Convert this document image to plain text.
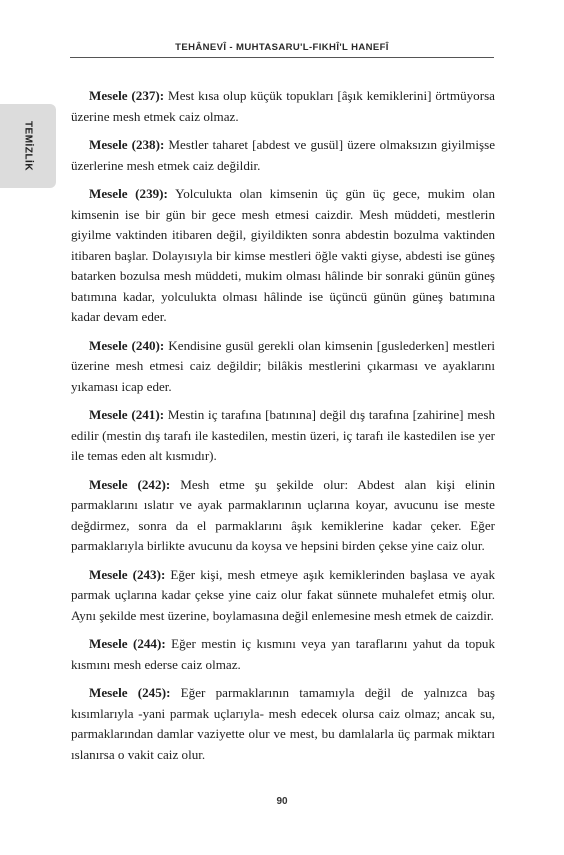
TEHÂNEVÎ - MUHTASARU'L-FIKHÎ'L HANEFÎ
TEMİZLİK

Mesele (237): Mest kısa olup küçük topukları [âşık kemiklerini] örtmüyorsa üzerine mesh etmek caiz olmaz.

Mesele (238): Mestler taharet [abdest ve gusül] üzere olmaksızın giyilmişse üzerlerine mesh etmek caiz değildir.

Mesele (239): Yolculukta olan kimsenin üç gün üç gece, mukim olan kimsenin ise bir gün bir gece mesh etmesi caizdir. Mesh müddeti, mestlerin giyilme vaktinden itibaren değil, giyildikten sonra abdestin bozulma vaktinden itibaren başlar. Dolayısıyla bir kimse mestleri öğle vakti giyse, abdesti ise güneş batarken bozulsa mesh müddeti, mukim olması hâlinde bir sonraki günün güneş batımına kadar, yolculukta olması hâlinde ise üçüncü günün güneş batımına kadar devam eder.

Mesele (240): Kendisine gusül gerekli olan kimsenin [guslederken] mestleri üzerine mesh etmesi caiz değildir; bilâkis mestlerini çıkarması ve ayaklarını yıkaması icap eder.

Mesele (241): Mestin iç tarafına [batınına] değil dış tarafına [zahirine] mesh edilir (mestin dış tarafı ile kastedilen, mestin üzeri, iç tarafı ile kastedilen ise yer ile temas eden alt kısmıdır).

Mesele (242): Mesh etme şu şekilde olur: Abdest alan kişi elinin parmaklarını ıslatır ve ayak parmaklarının uçlarına koyar, avucunu ise meste değdirmez, sonra da el parmaklarını âşık kemiklerine kadar çeker. Eğer parmaklarıyla birlikte avucunu da koysa ve hepsini birden çekse yine caiz olur.

Mesele (243): Eğer kişi, mesh etmeye aşık kemiklerinden başlasa ve ayak parmak uçlarına kadar çekse yine caiz olur fakat sünnete muhalefet etmiş olur. Aynı şekilde mest üzerine, boylamasına değil enlemesine mesh etmek de caizdir.

Mesele (244): Eğer mestin iç kısmını veya yan taraflarını yahut da topuk kısmını mesh ederse caiz olmaz.

Mesele (245): Eğer parmaklarının tamamıyla değil de yalnızca baş kısımlarıyla -yani parmak uçlarıyla- mesh edecek olursa caiz olmaz; ancak su, parmaklarından damlar vaziyette olur ve mest, bu damlalarla üç parmak miktarı ıslanırsa o vakit caiz olur.

90
